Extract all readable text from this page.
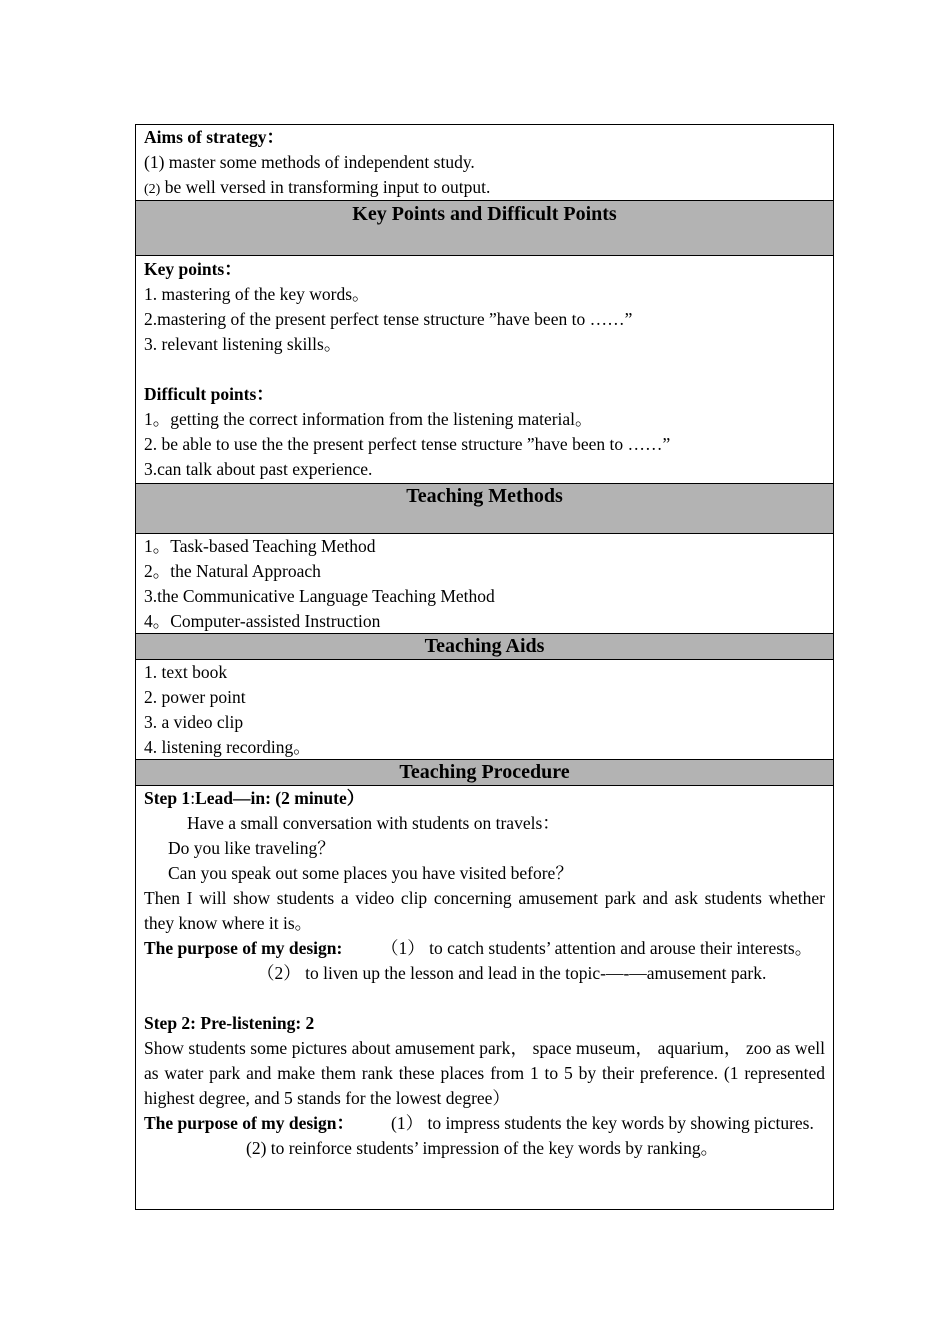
Aims of strategy：
(1) master some methods of independent study.
(2) be well versed in transforming input to output.
Key Points and Difficult Points
Key points：
1. mastering of the key words。
2.mastering of the present perfect tense structure ”have been to ……”
3. relevant listening skills。
Difficult points：
1。getting the correct information from the listening material。
2. be able to use the the present perfect tense structure ”have been to ……”
3.can talk about past experience.
Teaching Methods
1。Task-based Teaching Method
2。the Natural Approach
3.the Communicative Language Teaching Method
4。Computer-assisted Instruction
Teaching Aids
1. text book
2. power point
3. a video clip
4. listening recording。
Teaching Procedure
Step 1:Lead—in: (2 minute）
Have a small conversation with students on travels：
Do you like traveling？
Can you speak out some places you have visited before？
Then I will show students a video clip concerning amusement park and ask students whether they know where it is。
The purpose of my design:	（1） to catch students’ attention and arouse their interests。
（2） to liven up the lesson and lead in the topic-—-—amusement park.
Step 2: Pre-listening: 2
Show students some pictures about amusement park， space museum， aquarium， zoo as well as water park and make them rank these places from 1 to 5 by their preference. (1 represented highest degree, and 5 stands for the lowest degree）
The purpose of my design：	(1） to impress students the key words by showing pictures.
(2) to reinforce students’ impression of the key words by ranking。
